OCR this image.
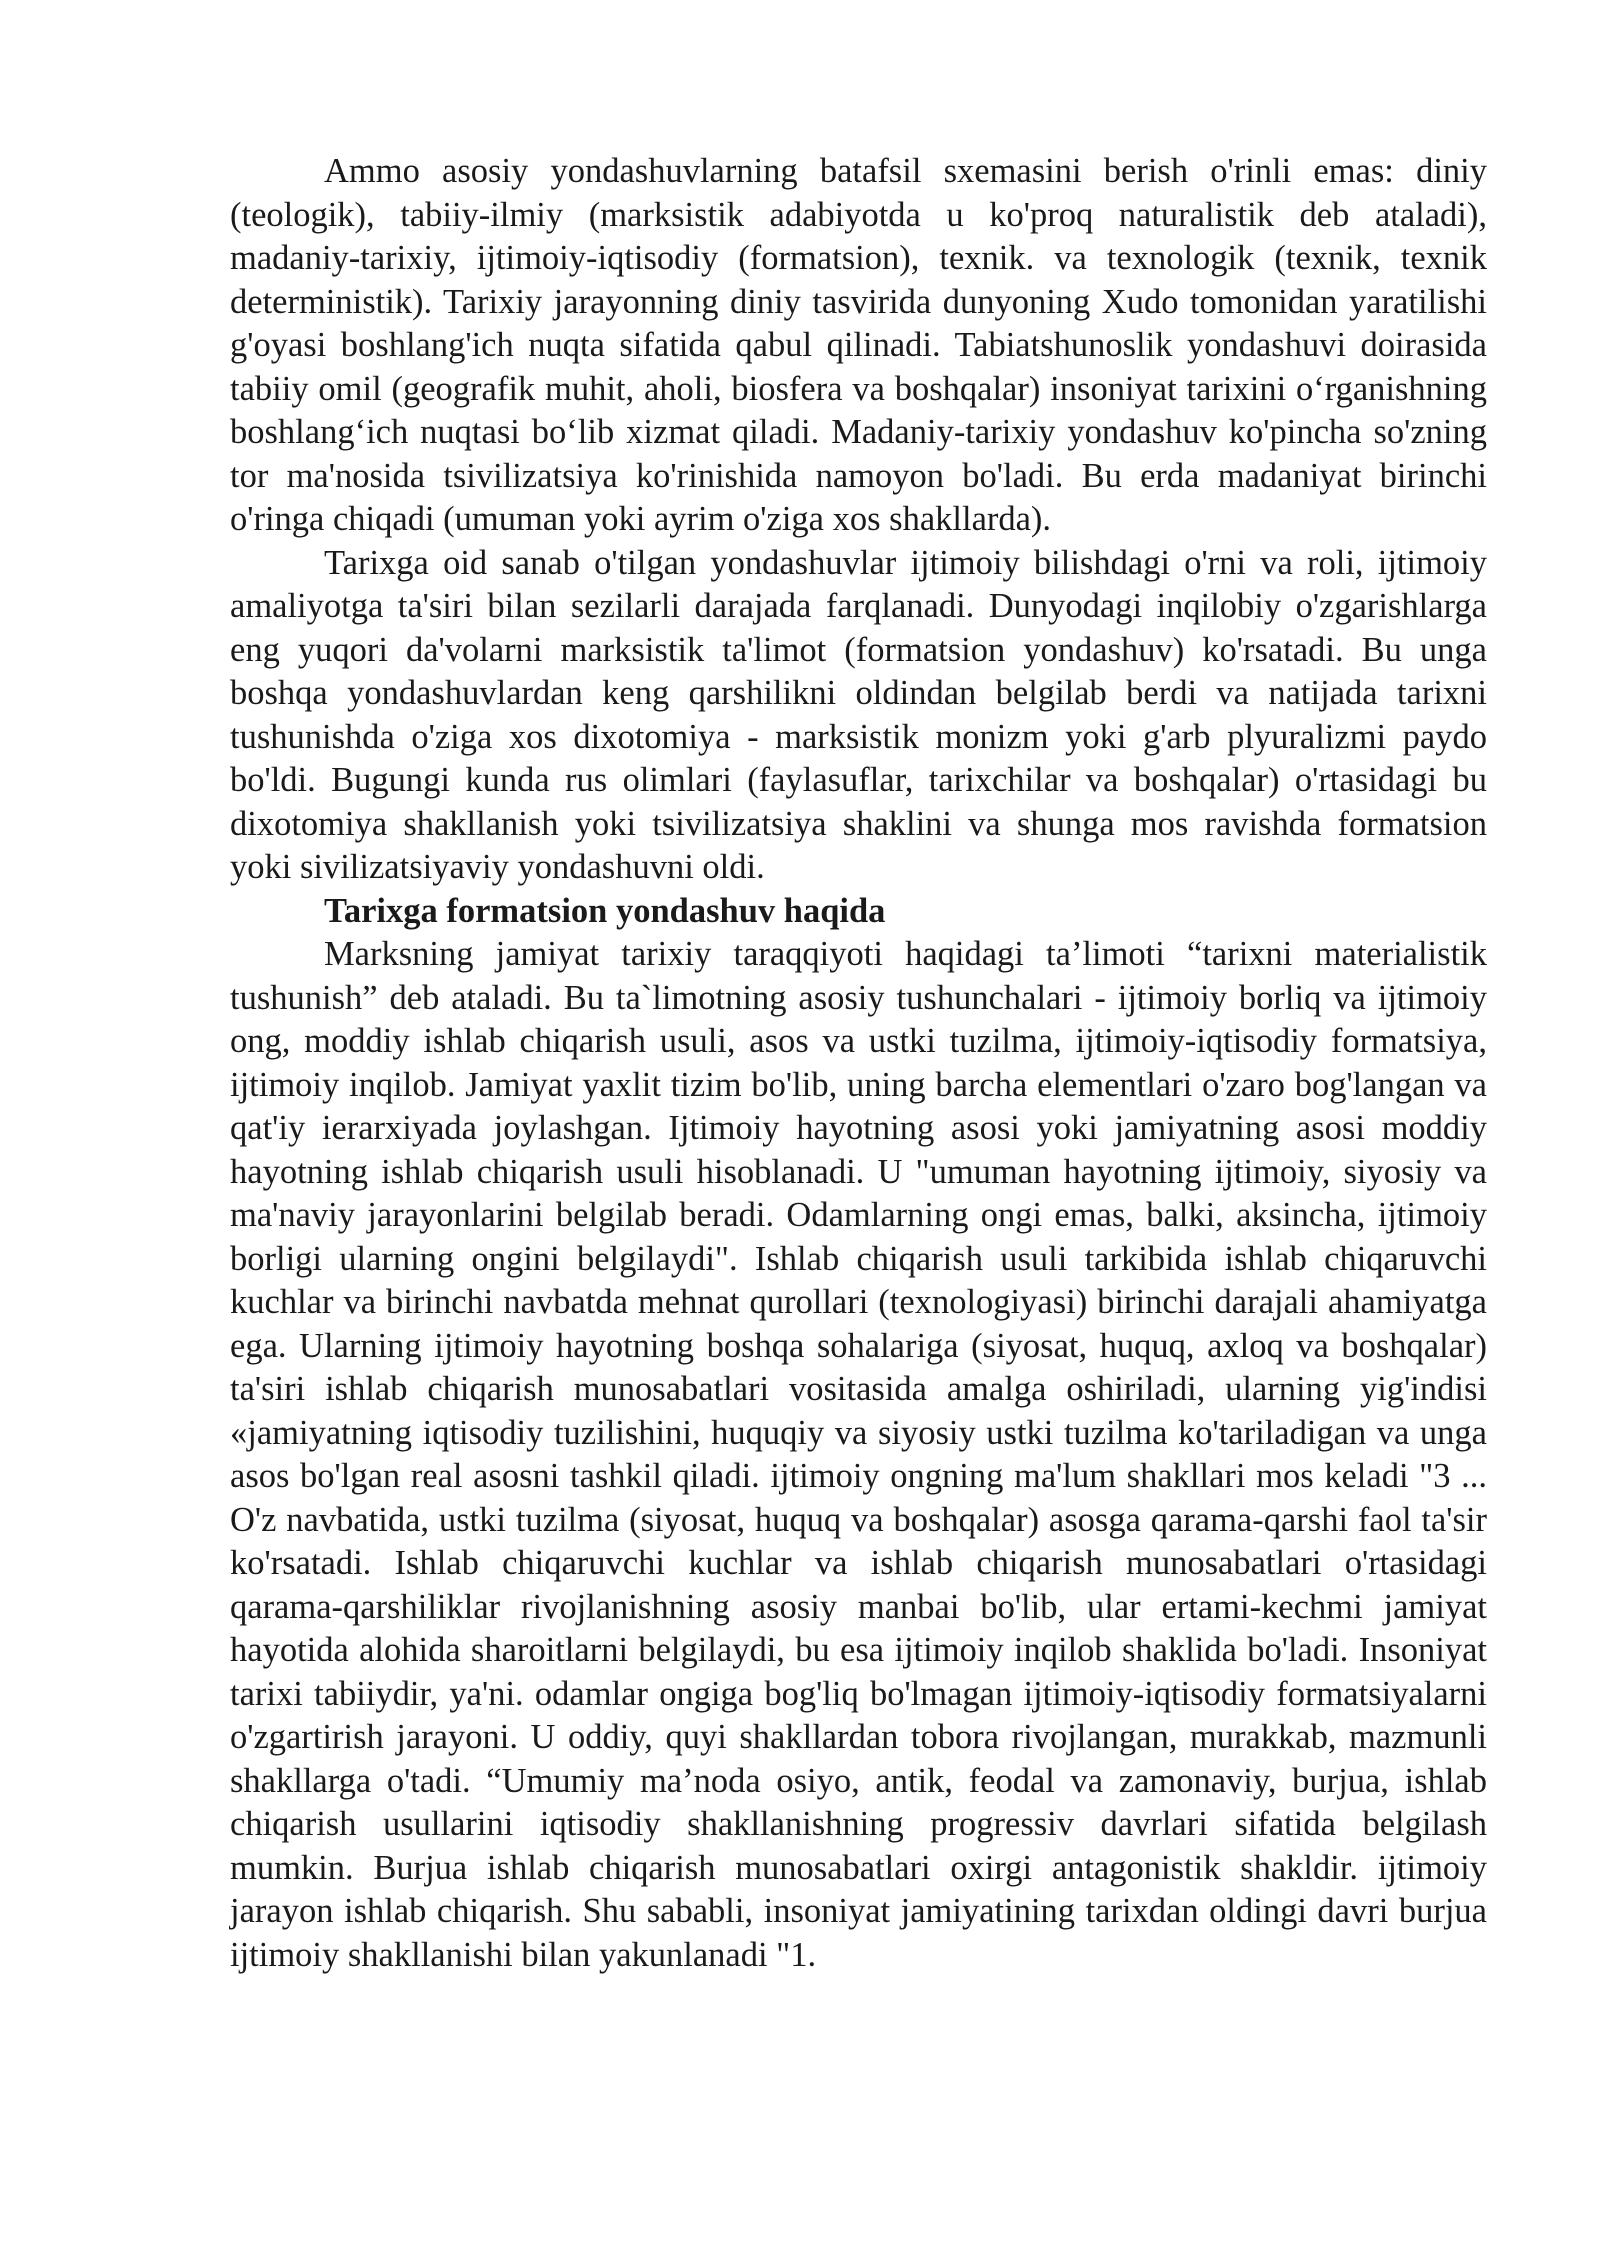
Ammo asosiy yondashuvlarning batafsil sxemasini berish o'rinli emas: diniy (teologik), tabiiy-ilmiy (marksistik adabiyotda u ko'proq naturalistik deb ataladi), madaniy-tarixiy, ijtimoiy-iqtisodiy (formatsion), texnik. va texnologik (texnik, texnik deterministik). Tarixiy jarayonning diniy tasvirida dunyoning Xudo tomonidan yaratilishi g'oyasi boshlang'ich nuqta sifatida qabul qilinadi. Tabiatshunoslik yondashuvi doirasida tabiiy omil (geografik muhit, aholi, biosfera va boshqalar) insoniyat tarixini o‘rganishning boshlang‘ich nuqtasi bo‘lib xizmat qiladi. Madaniy-tarixiy yondashuv ko'pincha so'zning tor ma'nosida tsivilizatsiya ko'rinishida namoyon bo'ladi. Bu erda madaniyat birinchi o'ringa chiqadi (umuman yoki ayrim o'ziga xos shakllarda).

Tarixga oid sanab o'tilgan yondashuvlar ijtimoiy bilishdagi o'rni va roli, ijtimoiy amaliyotga ta'siri bilan sezilarli darajada farqlanadi. Dunyodagi inqilobiy o'zgarishlarga eng yuqori da'volarni marksistik ta'limot (formatsion yondashuv) ko'rsatadi. Bu unga boshqa yondashuvlardan keng qarshilikni oldindan belgilab berdi va natijada tarixni tushunishda o'ziga xos dixotomiya - marksistik monizm yoki g'arb plyuralizmi paydo bo'ldi. Bugungi kunda rus olimlari (faylasuflar, tarixchilar va boshqalar) o'rtasidagi bu dixotomiya shakllanish yoki tsivilizatsiya shaklini va shunga mos ravishda formatsion yoki sivilizatsiyaviy yondashuvni oldi.

Tarixga formatsion yondashuv haqida

Marksning jamiyat tarixiy taraqqiyoti haqidagi ta’limoti “tarixni materialistik tushunish” deb ataladi. Bu ta`limotning asosiy tushunchalari - ijtimoiy borliq va ijtimoiy ong, moddiy ishlab chiqarish usuli, asos va ustki tuzilma, ijtimoiy-iqtisodiy formatsiya, ijtimoiy inqilob. Jamiyat yaxlit tizim bo'lib, uning barcha elementlari o'zaro bog'langan va qat'iy ierarxiyada joylashgan. Ijtimoiy hayotning asosi yoki jamiyatning asosi moddiy hayotning ishlab chiqarish usuli hisoblanadi. U "umuman hayotning ijtimoiy, siyosiy va ma'naviy jarayonlarini belgilab beradi. Odamlarning ongi emas, balki, aksincha, ijtimoiy borligi ularning ongini belgilaydi". Ishlab chiqarish usuli tarkibida ishlab chiqaruvchi kuchlar va birinchi navbatda mehnat qurollari (texnologiyasi) birinchi darajali ahamiyatga ega. Ularning ijtimoiy hayotning boshqa sohalariga (siyosat, huquq, axloq va boshqalar) ta'siri ishlab chiqarish munosabatlari vositasida amalga oshiriladi, ularning yig'indisi «jamiyatning iqtisodiy tuzilishini, huquqiy va siyosiy ustki tuzilma ko'tariladigan va unga asos bo'lgan real asosni tashkil qiladi. ijtimoiy ongning ma'lum shakllari mos keladi "3 ... O'z navbatida, ustki tuzilma (siyosat, huquq va boshqalar) asosga qarama-qarshi faol ta'sir ko'rsatadi. Ishlab chiqaruvchi kuchlar va ishlab chiqarish munosabatlari o'rtasidagi qarama-qarshiliklar rivojlanishning asosiy manbai bo'lib, ular ertami-kechmi jamiyat hayotida alohida sharoitlarni belgilaydi, bu esa ijtimoiy inqilob shaklida bo'ladi. Insoniyat tarixi tabiiydir, ya'ni. odamlar ongiga bog'liq bo'lmagan ijtimoiy-iqtisodiy formatsiyalarni o'zgartirish jarayoni. U oddiy, quyi shakllardan tobora rivojlangan, murakkab, mazmunli shakllarga o'tadi. “Umumiy ma’noda osiyo, antik, feodal va zamonaviy, burjua, ishlab chiqarish usullarini iqtisodiy shakllanishning progressiv davrlari sifatida belgilash mumkin. Burjua ishlab chiqarish munosabatlari oxirgi antagonistik shakldir. ijtimoiy jarayon ishlab chiqarish. Shu sababli, insoniyat jamiyatining tarixdan oldingi davri burjua ijtimoiy shakllanishi bilan yakunlanadi "1.
